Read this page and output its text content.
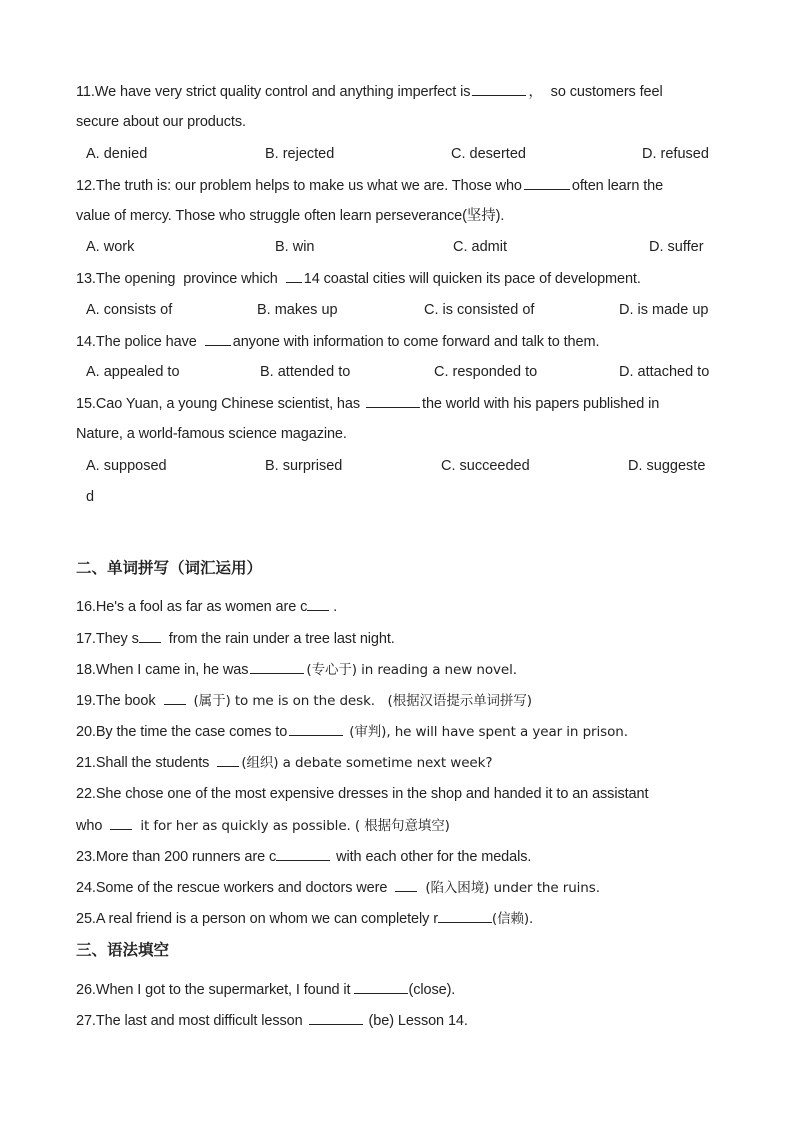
11.We have very strict quality control and anything imperfect is	，  so customers feel
secure about our products.
A. denied	B. rejected	C. deserted	D. refused
12.The truth is: our problem helps to make us what we are. Those who	often learn the
value of mercy. Those who struggle often learn perseverance(坚持).
A. work	B. win	C. admit	D. suffer
13.The opening  province which 14 coastal cities will quicken its pace of development.
A. consists of	B. makes up	C. is consisted of	D. is made up
14.The police have anyone with information to come forward and talk to them.
A. appealed to	B. attended to	C. responded to	D. attached to
15.Cao Yuan, a young Chinese scientist, has	the world with his papers published in
Nature, a world-famous science magazine.
A. supposed	B. surprised	C. succeeded	D. suggeste
d
二、单词拼写（词汇运用）
16.He's a fool as far as women are c .
17.They s from the rain under a tree last night.
18.When I came in, he was	(专心于) in reading a new novel.
19.The book	(属于) to me is on the desk.   (根据汉语提示单词拼写)
20.By the time the case comes to	(审判), he will have spent a year in prison.
21.Shall the students (组织) a debate sometime next week?
22.She chose one of the most expensive dresses in the shop and handed it to an assistant
who	it for her as quickly as possible. ( 根据句意填空)
23.More than 200 runners are c	with each other for the medals.
24.Some of the rescue workers and doctors were	(陷入困境) under the ruins.
25.A real friend is a person on whom we can completely r	(信赖).
三、语法填空
26.When I got to the supermarket, I found it	(close).
27.The last and most difficult lesson	(be) Lesson 14.
